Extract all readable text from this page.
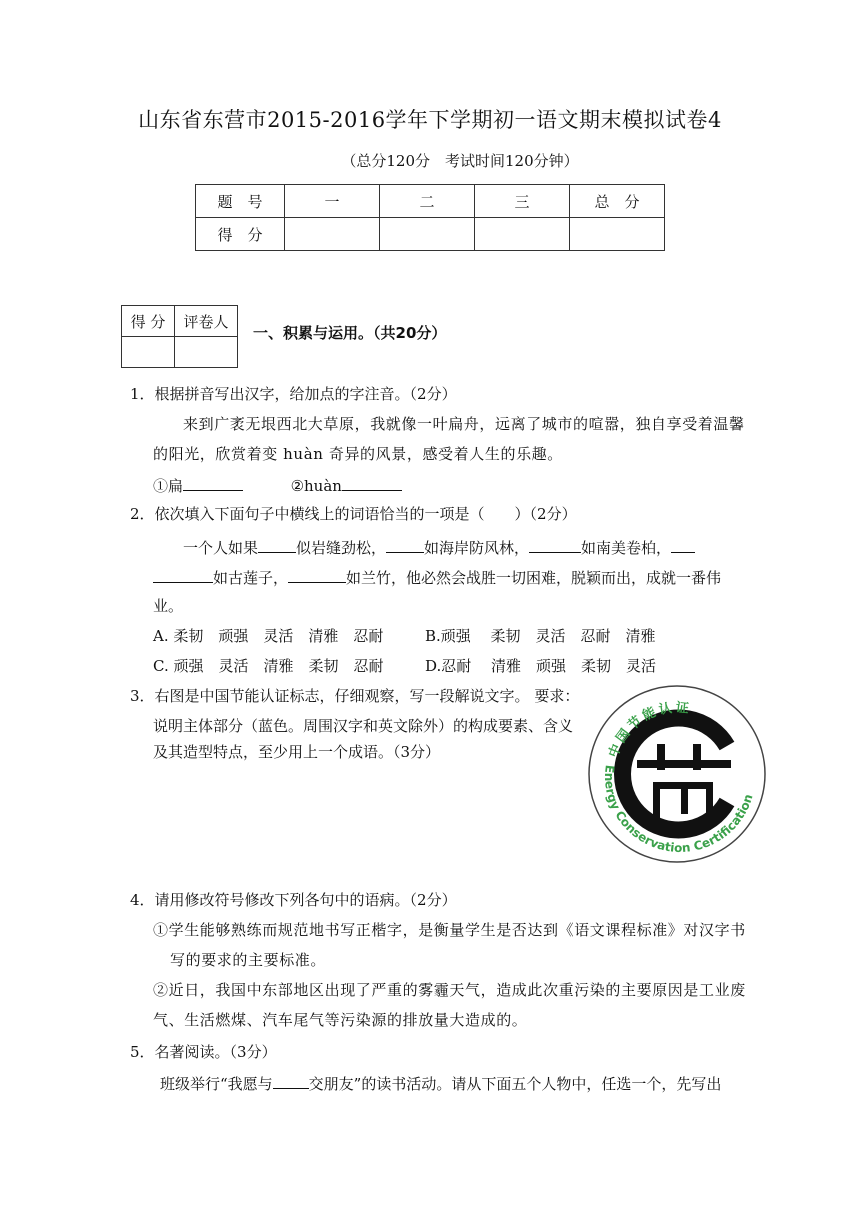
山东省东营市2015-2016学年下学期初一语文期末模拟试卷4
（总分120分　考试时间120分钟）
题　号	一	二	三	总　分
得　分				
得 分	评卷人

一、积累与运用。（共20分）
1．根据拼音写出汉字，给加点的字注音。（2分）
来到广袤无垠西北大草原，我就像一叶扁舟，远离了城市的喧嚣，独自享受着温馨
的阳光，欣赏着变 huàn 奇异的风景，感受着人生的乐趣。
①扁	②huàn
2．依次填入下面句子中横线上的词语恰当的一项是（　　）（2分）
一个人如果	似岩缝劲松，	如海岸防风林，	如南美卷柏，
如古莲子，	如兰竹，他必然会战胜一切困难，脱颖而出，成就一番伟
业。
A. 柔韧　顽强　灵活　清雅　忍耐	B.顽强　 柔韧　灵活　忍耐　清雅
C. 顽强　灵活　清雅　柔韧　忍耐	D.忍耐　 清雅　顽强　柔韧　灵活
3．右图是中国节能认证标志，仔细观察，写一段解说文字。 要求：
说明主体部分（蓝色。周围汉字和英文除外）的构成要素、含义
及其造型特点，至少用上一个成语。（3分）	中国节能认证
Energy Conservation Certification
4．请用修改符号修改下列各句中的语病。（2分）
①学生能够熟练而规范地书写正楷字，是衡量学生是否达到《语文课程标准》对汉字书
写的要求的主要标准。
②近日，我国中东部地区出现了严重的雾霾天气，造成此次重污染的主要原因是工业废
气、生活燃煤、汽车尾气等污染源的排放量大造成的。
5．名著阅读。（3分）
班级举行“我愿与 交朋友”的读书活动。请从下面五个人物中，任选一个，先写出
